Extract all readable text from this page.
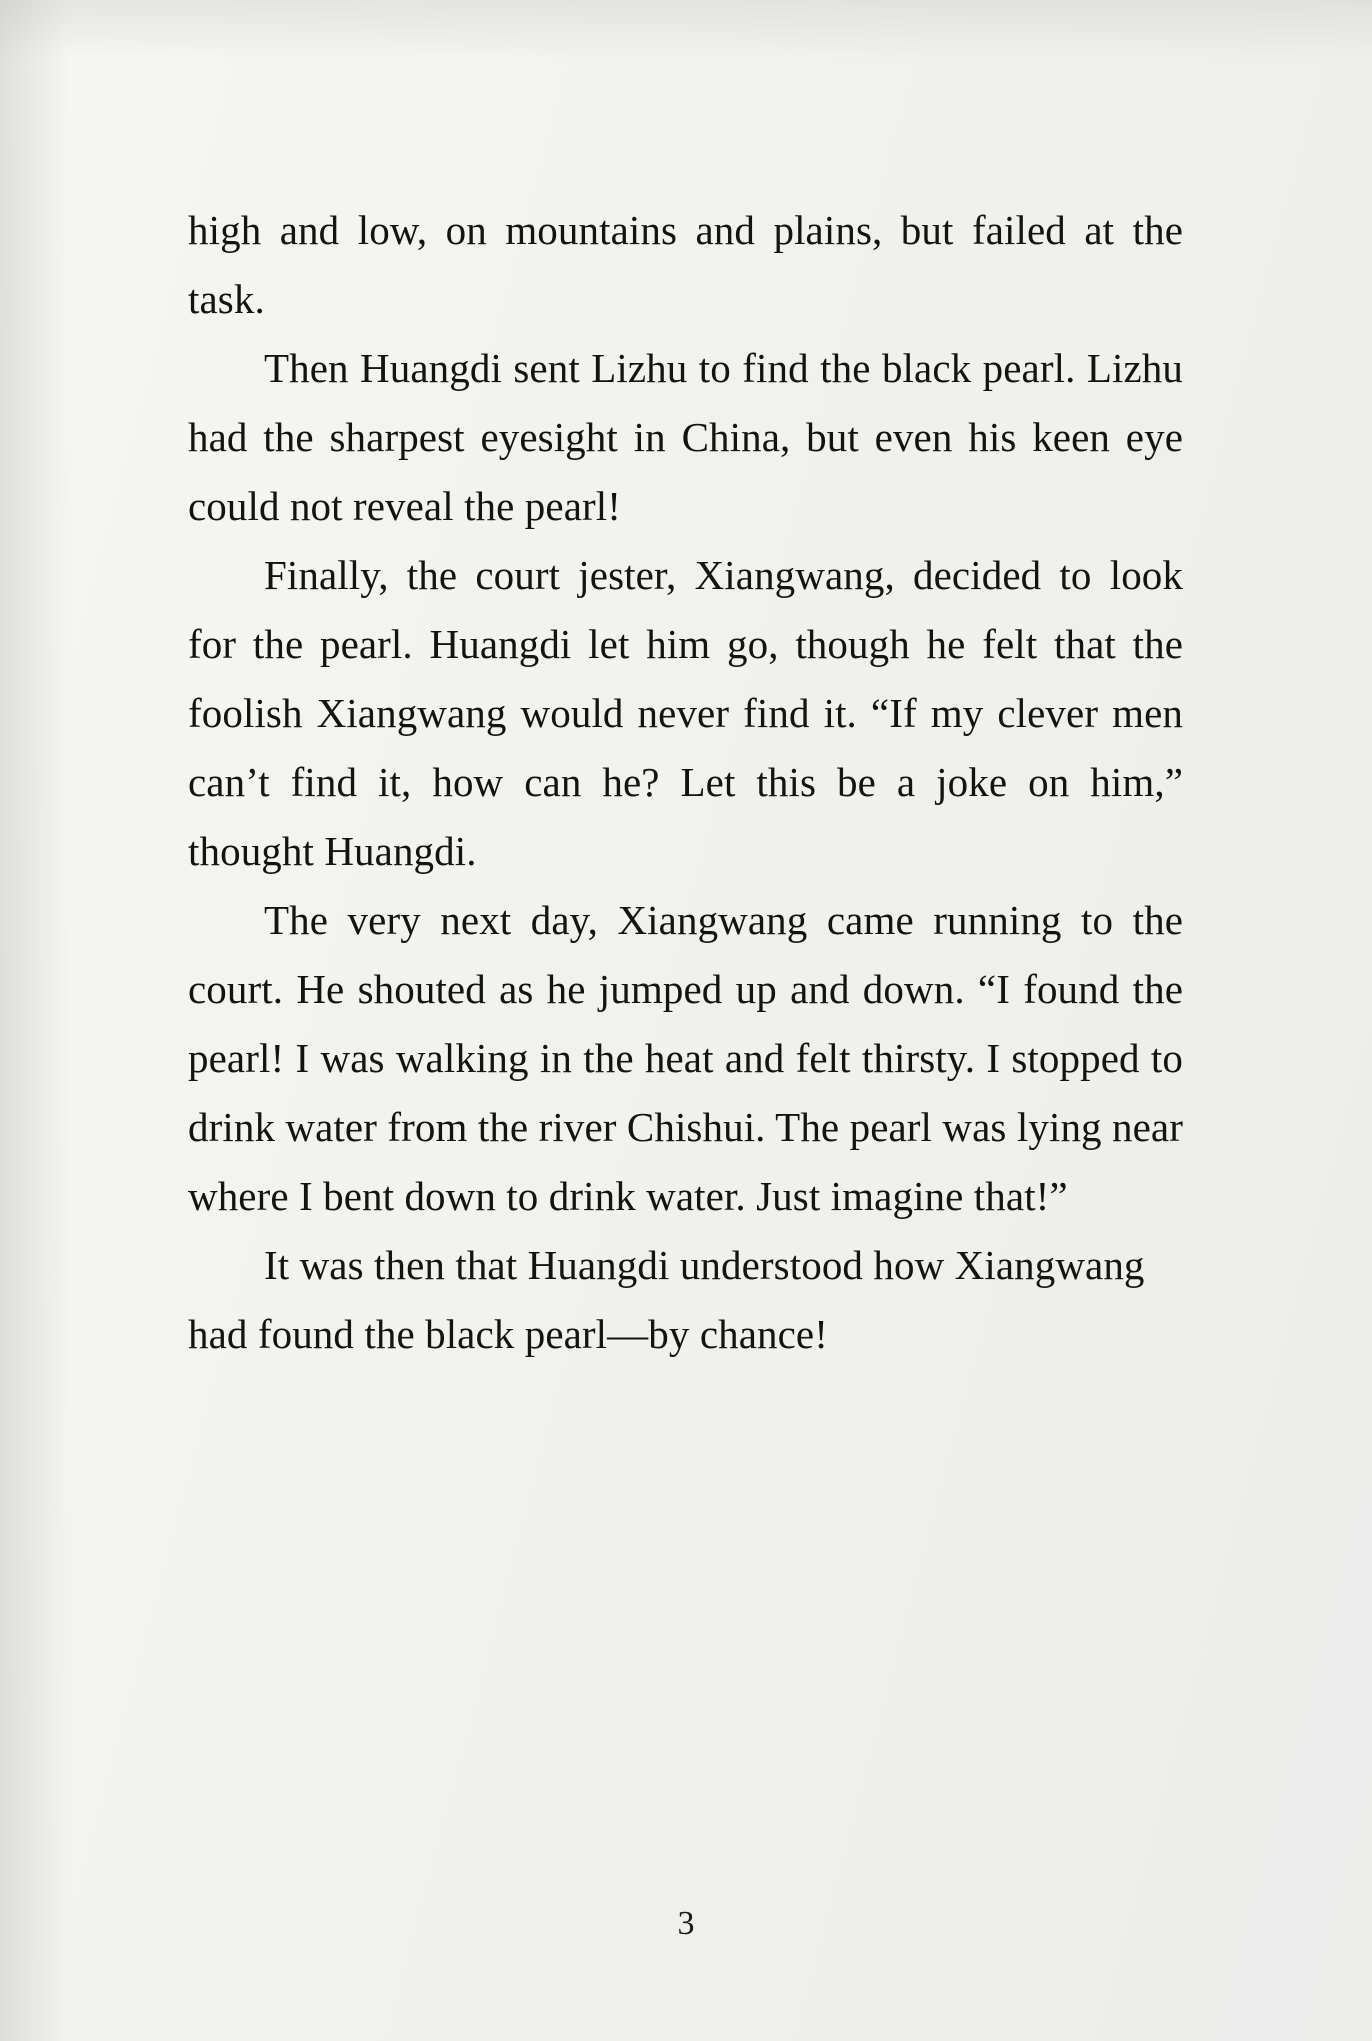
high and low, on mountains and plains, but failed at the task.

Then Huangdi sent Lizhu to find the black pearl. Lizhu had the sharpest eyesight in China, but even his keen eye could not reveal the pearl!

Finally, the court jester, Xiangwang, decided to look for the pearl. Huangdi let him go, though he felt that the foolish Xiangwang would never find it. “If my clever men can’t find it, how can he? Let this be a joke on him,” thought Huangdi.

The very next day, Xiangwang came running to the court. He shouted as he jumped up and down. “I found the pearl! I was walking in the heat and felt thirsty. I stopped to drink water from the river Chishui. The pearl was lying near where I bent down to drink water. Just imagine that!”

It was then that Huangdi understood how Xiangwang had found the black pearl—by chance!

3
